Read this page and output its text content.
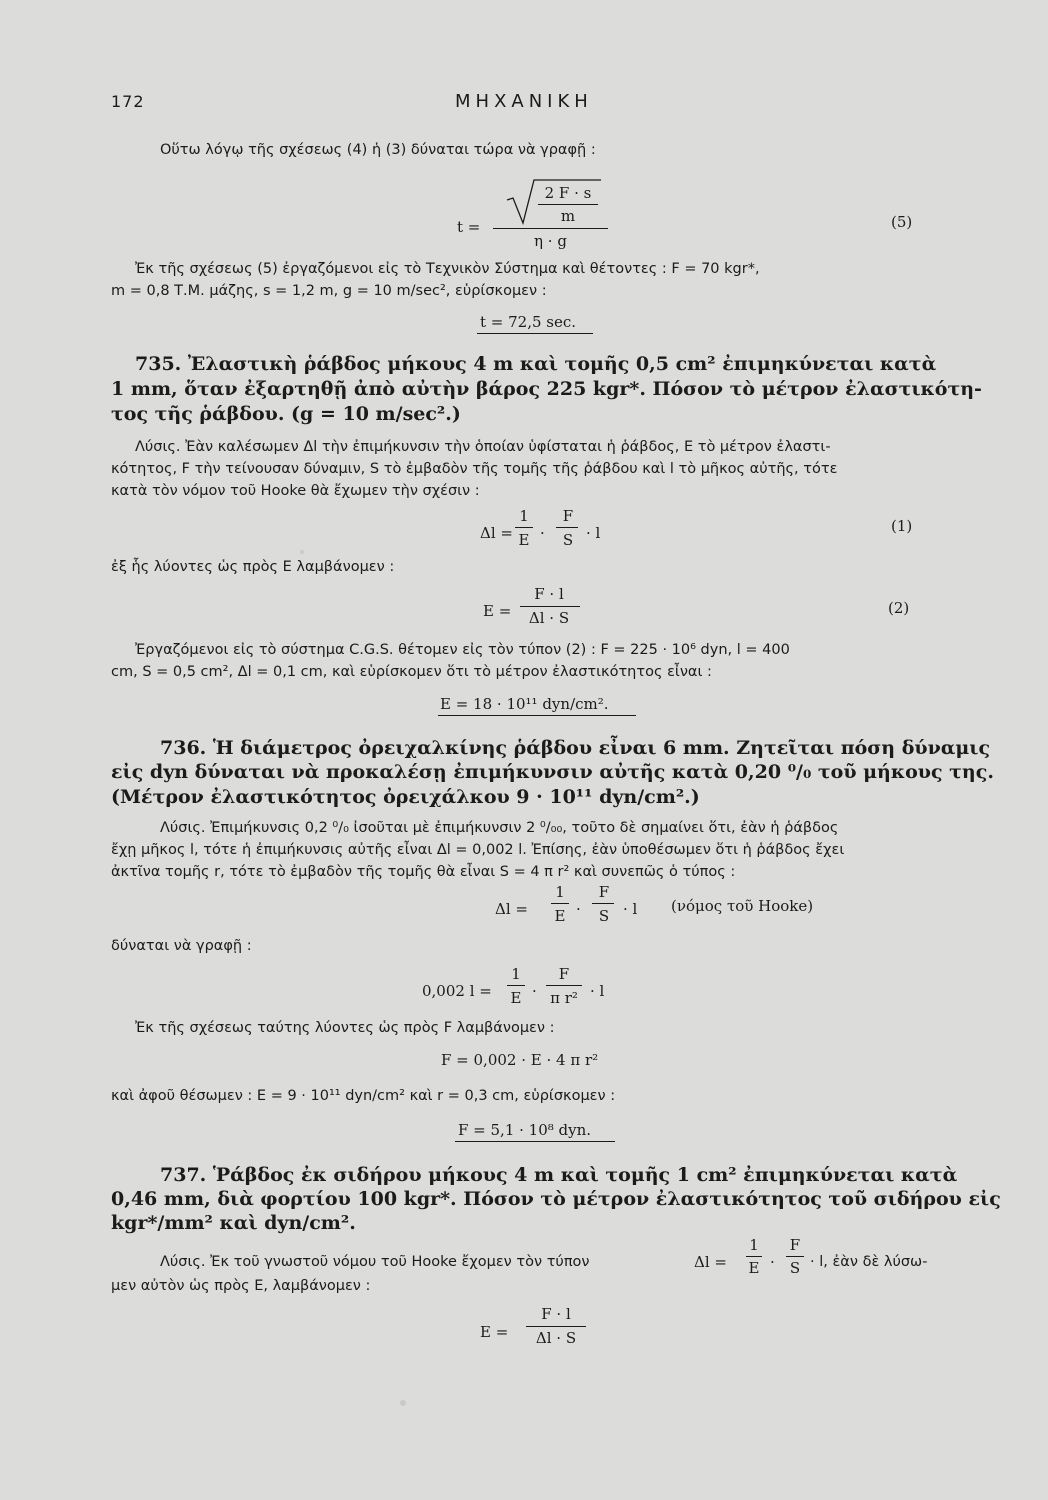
172	ΜΗΧΑΝΙΚΗ
Οὕτω λόγῳ τῆς σχέσεως (4) ἡ (3) δύναται τώρα νὰ γραφῇ :
t =
2 F · s
m
η · g
(5)
Ἐκ τῆς σχέσεως (5) ἐργαζόμενοι εἰς τὸ Τεχνικὸν Σύστημα καὶ θέτοντες : F = 70 kgr*,
m = 0,8 Τ.Μ. μάζης, s = 1,2 m, g = 10 m/sec², εὑρίσκομεν :
t = 72,5 sec.
735. Ἐλαστικὴ ῥάβδος μήκους 4 m καὶ τομῆς 0,5 cm² ἐπιμηκύνεται κατὰ
1 mm, ὅταν ἐξαρτηθῇ ἀπὸ αὐτὴν βάρος 225 kgr*. Πόσον τὸ μέτρον ἐλαστικότη-
τος τῆς ῥάβδου. (g = 10 m/sec².)
Λύσις. Ἐὰν καλέσωμεν Δl τὴν ἐπιμήκυνσιν τὴν ὁποίαν ὑφίσταται ἡ ῥάβδος, E τὸ μέτρον ἐλαστι-
κότητος, F τὴν τείνουσαν δύναμιν, S τὸ ἐμβαδὸν τῆς τομῆς τῆς ῥάβδου καὶ l τὸ μῆκος αὐτῆς, τότε
κατὰ τὸν νόμον τοῦ Hooke θὰ ἔχωμεν τὴν σχέσιν :
Δl =
1
E ·
F
S · l	(1)
ἐξ ἧς λύοντες ὡς πρὸς E λαμβάνομεν :
E =
F · l
Δl · S
(2)
Ἐργαζόμενοι εἰς τὸ σύστημα C.G.S. θέτομεν εἰς τὸν τύπον (2) : F = 225 · 10⁶ dyn, l = 400
cm, S = 0,5 cm², Δl = 0,1 cm, καὶ εὑρίσκομεν ὅτι τὸ μέτρον ἐλαστικότητος εἶναι :
E = 18 · 10¹¹ dyn/cm².
736. Ἡ διάμετρος ὀρειχαλκίνης ῥάβδου εἶναι 6 mm. Ζητεῖται πόση δύναμις
εἰς dyn δύναται νὰ προκαλέσῃ ἐπιμήκυνσιν αὐτῆς κατὰ 0,20 ⁰/₀ τοῦ μήκους της.
(Μέτρον ἐλαστικότητος ὀρειχάλκου 9 · 10¹¹ dyn/cm².)
Λύσις. Ἐπιμήκυνσις 0,2 ⁰/₀ ἰσοῦται μὲ ἐπιμήκυνσιν 2 ⁰/₀₀, τοῦτο δὲ σημαίνει ὅτι, ἐὰν ἡ ῥάβδος
ἔχῃ μῆκος l, τότε ἡ ἐπιμήκυνσις αὐτῆς εἶναι Δl = 0,002 l. Ἐπίσης, ἐὰν ὑποθέσωμεν ὅτι ἡ ῥάβδος ἔχει
ἀκτῖνα τομῆς r, τότε τὸ ἐμβαδὸν τῆς τομῆς θὰ εἶναι S = 4 π r² καὶ συνεπῶς ὁ τύπος :
Δl =
1
E ·
F
S · l (νόμος τοῦ Hooke)
δύναται νὰ γραφῇ :
0,002 l =
1
E ·
F
π r² · l
Ἐκ τῆς σχέσεως ταύτης λύοντες ὡς πρὸς F λαμβάνομεν :
F = 0,002 · E · 4 π r²
καὶ ἀφοῦ θέσωμεν : E = 9 · 10¹¹ dyn/cm² καὶ r = 0,3 cm, εὑρίσκομεν :
F = 5,1 · 10⁸ dyn.
737. Ῥάβδος ἐκ σιδήρου μήκους 4 m καὶ τομῆς 1 cm² ἐπιμηκύνεται κατὰ
0,46 mm, διὰ φορτίου 100 kgr*. Πόσον τὸ μέτρον ἐλαστικότητος τοῦ σιδήρου εἰς
kgr*/mm² καὶ dyn/cm².
Λύσις. Ἐκ τοῦ γνωστοῦ νόμου τοῦ Hooke ἔχομεν τὸν τύπον	Δl =
1
E ·
F
S · l, ἐὰν δὲ λύσω-
μεν αὐτὸν ὡς πρὸς E, λαμβάνομεν :
E =
F · l
Δl · S
